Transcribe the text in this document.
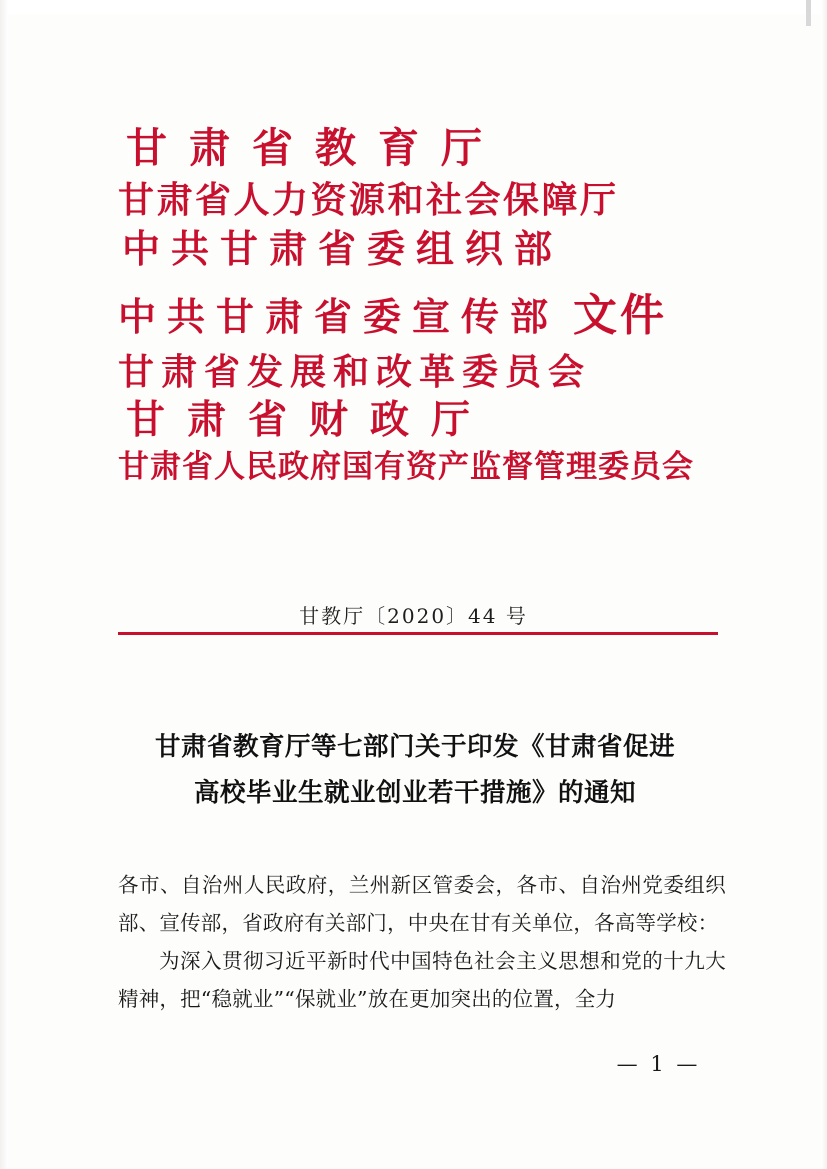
甘肃省教育厅
甘肃省人力资源和社会保障厅
中共甘肃省委组织部
中共甘肃省委宣传部 文件
甘肃省发展和改革委员会
甘肃省财政厅
甘肃省人民政府国有资产监督管理委员会
甘教厅〔2020〕44 号
甘肃省教育厅等七部门关于印发《甘肃省促进
高校毕业生就业创业若干措施》的通知

各市、自治州人民政府，兰州新区管委会，各市、自治州党委组织部、宣传部，省政府有关部门，中央在甘有关单位，各高等学校：

为深入贯彻习近平新时代中国特色社会主义思想和党的十九大精神，把“稳就业”“保就业”放在更加突出的位置，全力

— 1 —
